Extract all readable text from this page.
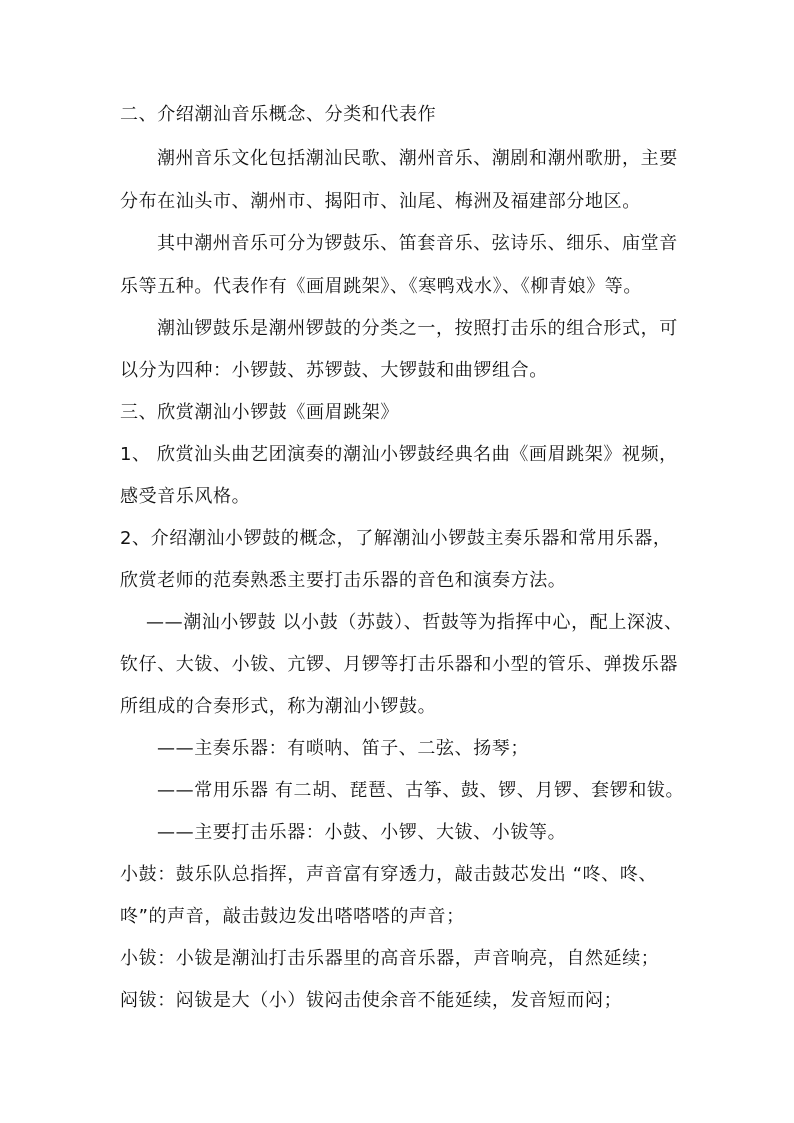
二、介绍潮汕音乐概念、分类和代表作
潮州音乐文化包括潮汕民歌、潮州音乐、潮剧和潮州歌册，主要
分布在汕头市、潮州市、揭阳市、汕尾、梅洲及福建部分地区。
其中潮州音乐可分为锣鼓乐、笛套音乐、弦诗乐、细乐、庙堂音
乐等五种。代表作有《画眉跳架》、《寒鸭戏水》、《柳青娘》等。
潮汕锣鼓乐是潮州锣鼓的分类之一，按照打击乐的组合形式，可
以分为四种：小锣鼓、苏锣鼓、大锣鼓和曲锣组合。
三、欣赏潮汕小锣鼓《画眉跳架》
1、 欣赏汕头曲艺团演奏的潮汕小锣鼓经典名曲《画眉跳架》视频，
感受音乐风格。
2、介绍潮汕小锣鼓的概念，了解潮汕小锣鼓主奏乐器和常用乐器，
欣赏老师的范奏熟悉主要打击乐器的音色和演奏方法。
——潮汕小锣鼓 以小鼓（苏鼓）、哲鼓等为指挥中心，配上深波、
钦仔、大钹、小钹、亢锣、月锣等打击乐器和小型的管乐、弹拨乐器
所组成的合奏形式，称为潮汕小锣鼓。
——主奏乐器：有唢呐、笛子、二弦、扬琴；
——常用乐器 有二胡、琵琶、古筝、鼓、锣、月锣、套锣和钹。
——主要打击乐器：小鼓、小锣、大钹、小钹等。
小鼓：鼓乐队总指挥，声音富有穿透力，敲击鼓芯发出 “咚、咚、
咚”的声音，敲击鼓边发出嗒嗒嗒的声音；
小钹：小钹是潮汕打击乐器里的高音乐器，声音响亮，自然延续；
闷钹：闷钹是大（小）钹闷击使余音不能延续，发音短而闷；
